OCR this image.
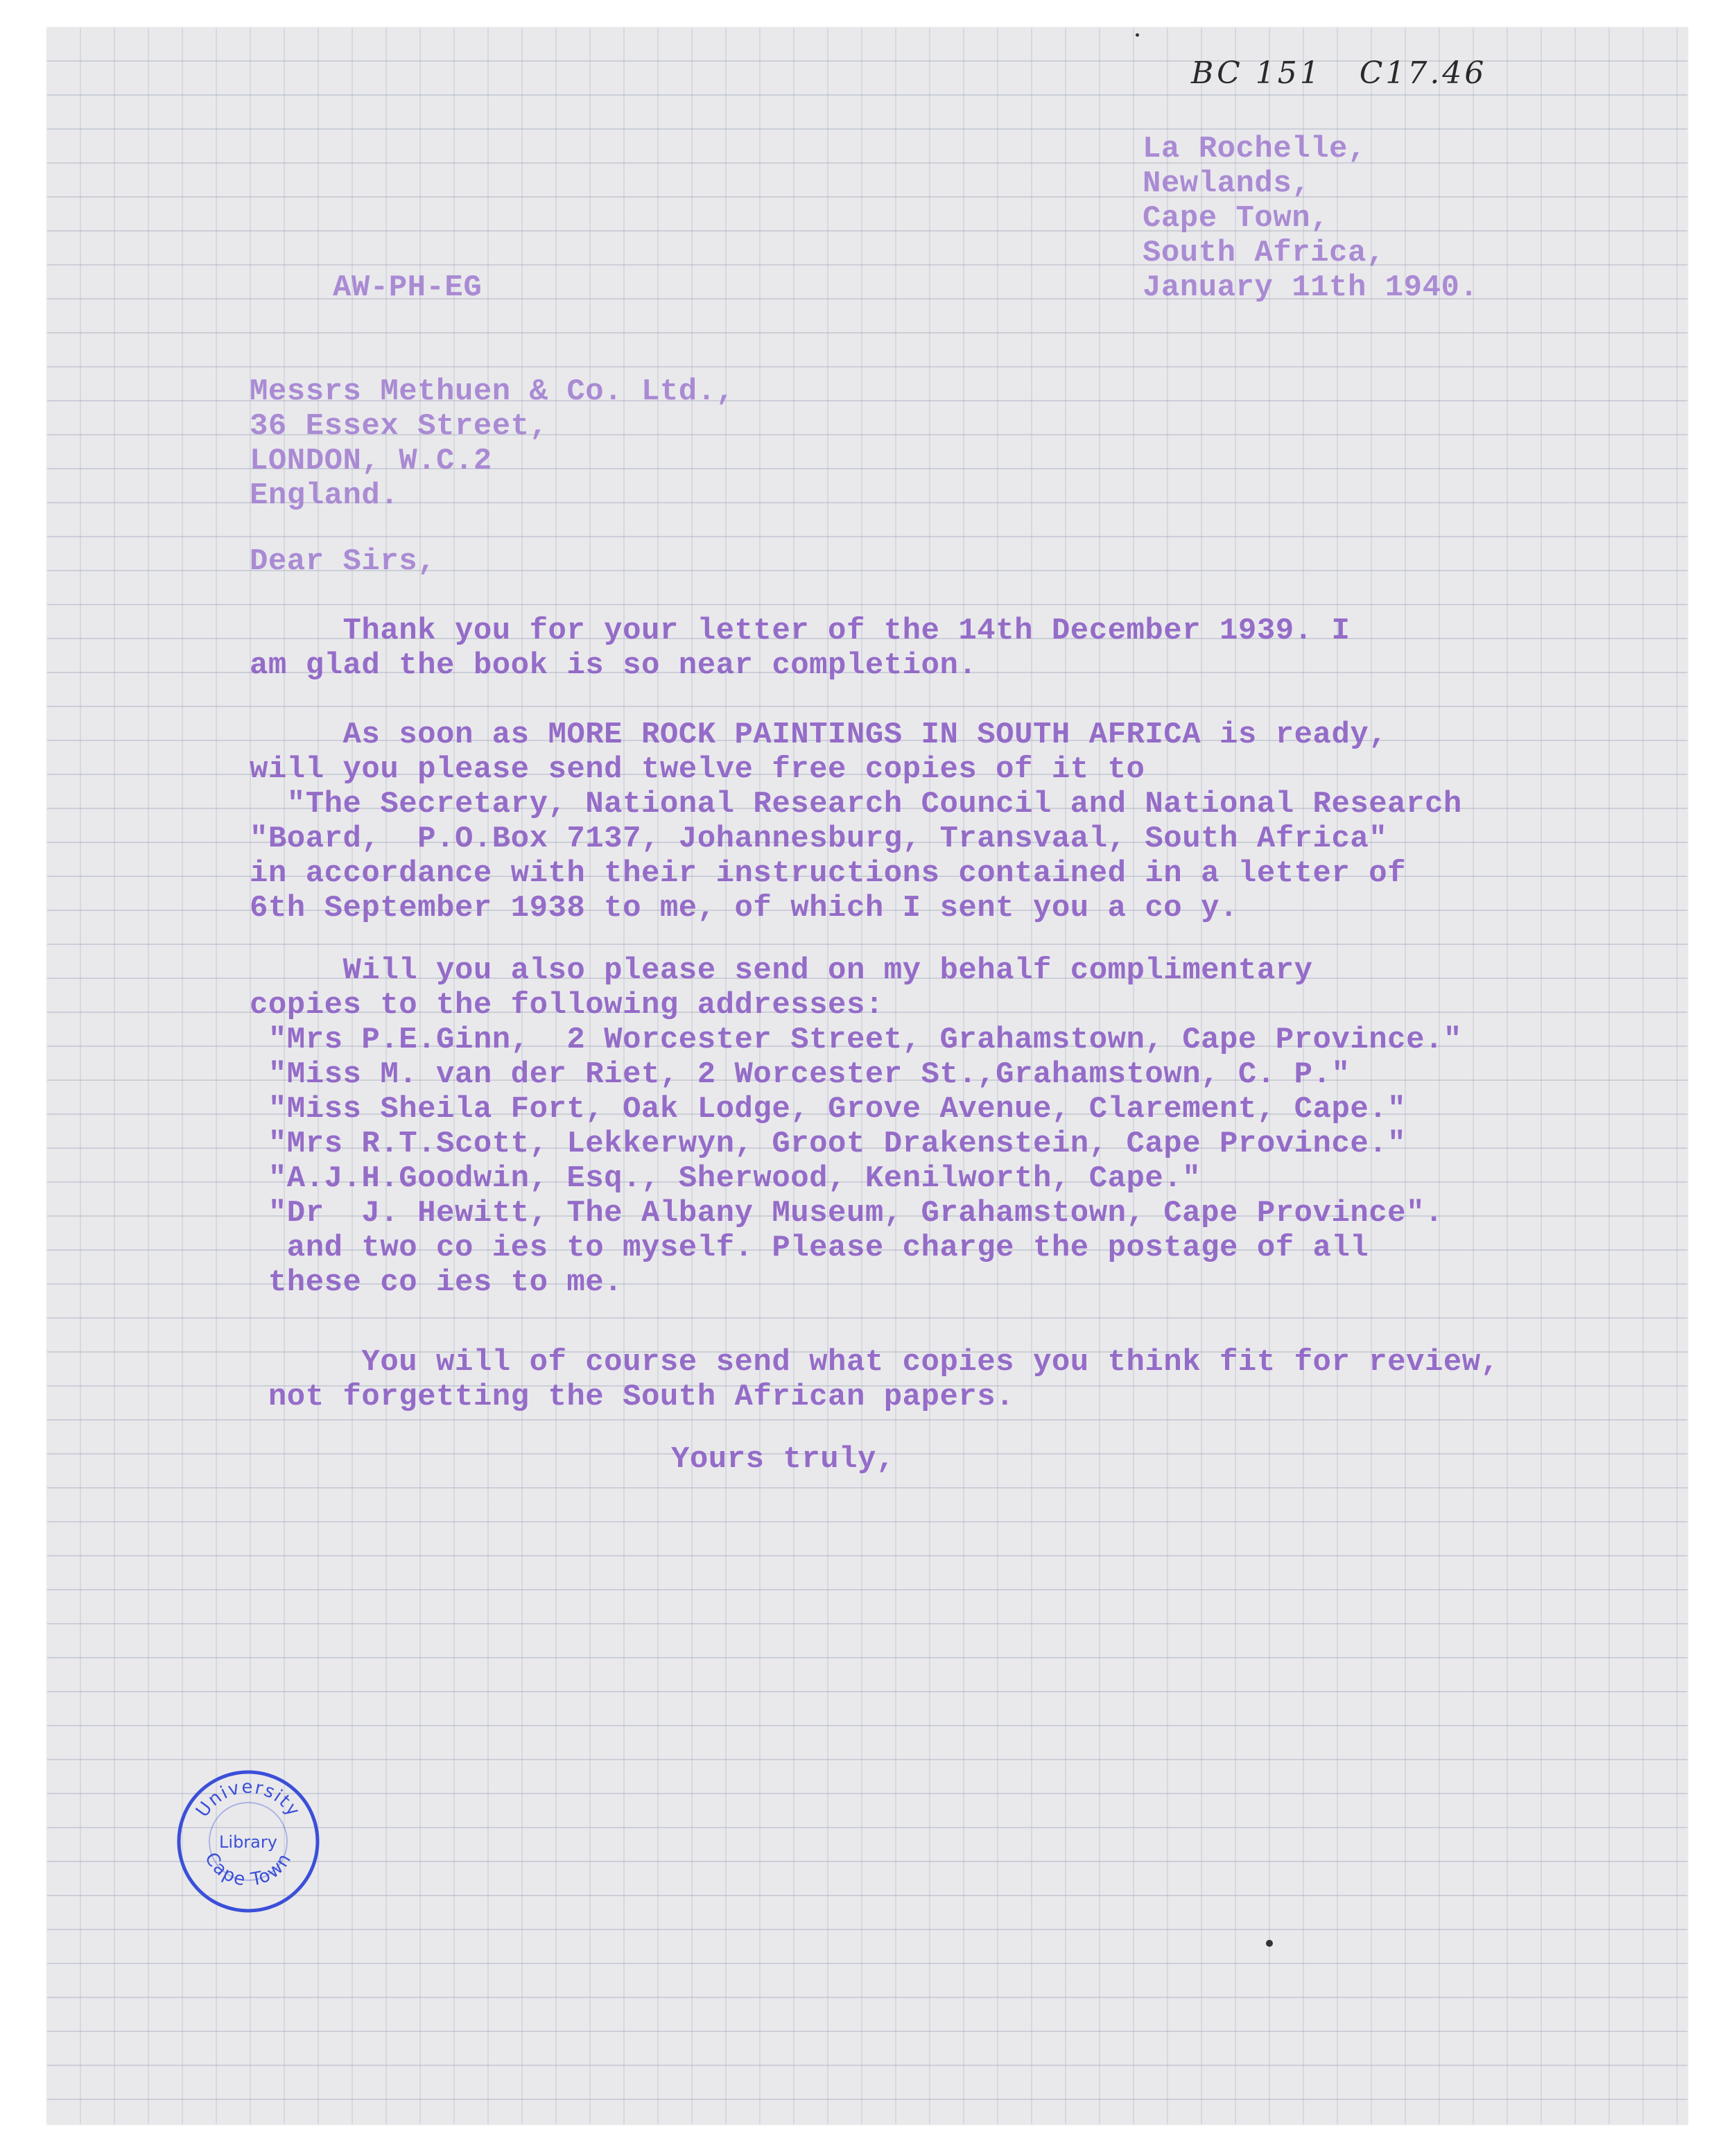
BC 151 C17.46
La Rochelle,
Newlands,
Cape Town,
South Africa,
January 11th 1940.
AW-PH-EG
Messrs Methuen & Co. Ltd.,
36 Essex Street,
LONDON, W.C.2
England.
Dear Sirs,
Thank you for your letter of the 14th December 1939. I
am glad the book is so near completion.
As soon as MORE ROCK PAINTINGS IN SOUTH AFRICA is ready,
will you please send twelve free copies of it to
"The Secretary, National Research Council and National Research
"Board,  P.O.Box 7137, Johannesburg, Transvaal, South Africa"
in accordance with their instructions contained in a letter of
6th September 1938 to me, of which I sent you a co y.
Will you also please send on my behalf complimentary
copies to the following addresses:
"Mrs P.E.Ginn,  2 Worcester Street, Grahamstown, Cape Province."
"Miss M. van der Riet, 2 Worcester St.,Grahamstown, C. P."
"Miss Sheila Fort, Oak Lodge, Grove Avenue, Clarement, Cape."
"Mrs R.T.Scott, Lekkerwyn, Groot Drakenstein, Cape Province."
"A.J.H.Goodwin, Esq., Sherwood, Kenilworth, Cape."
"Dr  J. Hewitt, The Albany Museum, Grahamstown, Cape Province".
and two co ies to myself. Please charge the postage of all
these co ies to me.
You will of course send what copies you think fit for review,
not forgetting the South African papers.
Yours truly,
University
Library
Cape Town
